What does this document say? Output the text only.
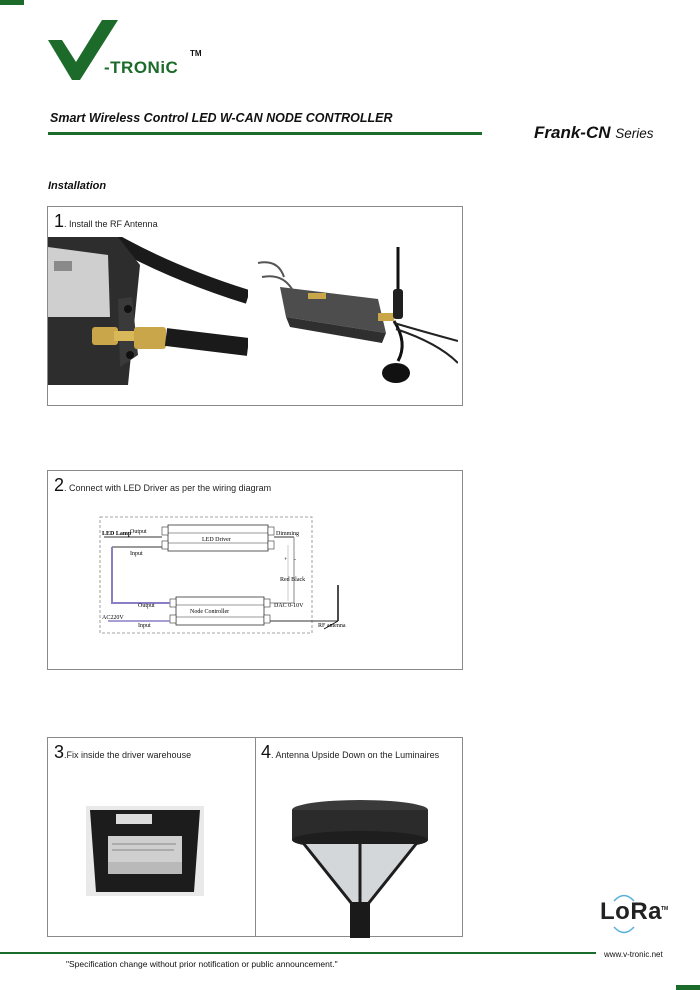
-TRONiC
TM
Smart Wireless Control LED W-CAN NODE CONTROLLER
Frank-CN Series
Installation
1. Install the RF Antenna
2. Connect with LED Driver as per the wiring diagram
LED Lamp
Output
Input
LED Driver
Dimming
+ -
Red Black
Output
Node Controller
DAC 0-10V
AC220V
Input	RF antenna
3.Fix inside the driver warehouse	4. Antenna Upside Down on the Luminaires
LoRa TM
www.v-tronic.net
"Specification change without prior notification or public announcement."
